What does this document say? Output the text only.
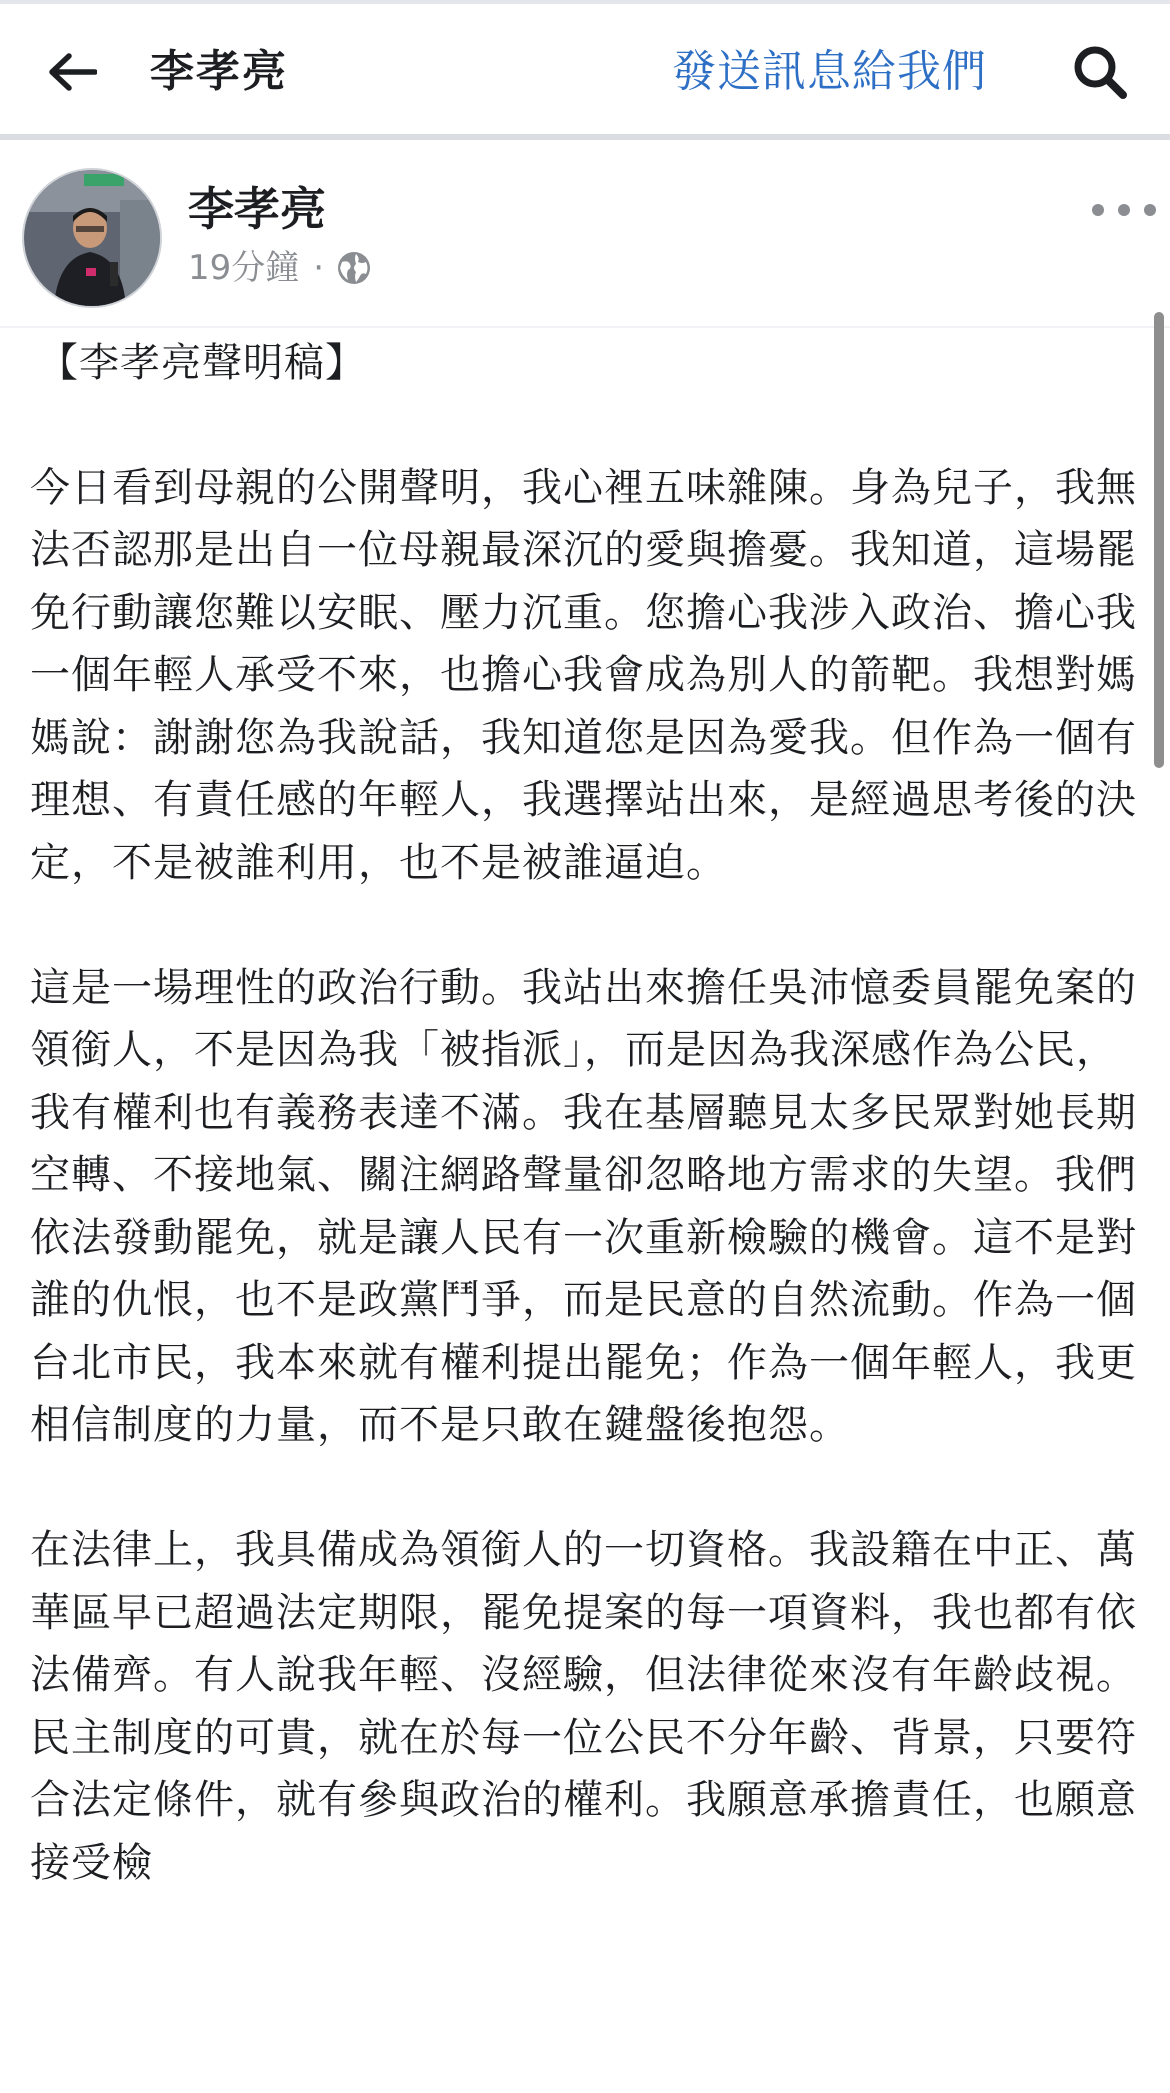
李孝亮	發送訊息給我們
李孝亮
19分鐘 ·

【李孝亮聲明稿】

今日看到母親的公開聲明，我心裡五味雜陳。身為兒子，我無法否認那是出自一位母親最深沉的愛與擔憂。我知道，這場罷免行動讓您難以安眠、壓力沉重。您擔心我涉入政治、擔心我一個年輕人承受不來，也擔心我會成為別人的箭靶。我想對媽媽說：謝謝您為我說話，我知道您是因為愛我。但作為一個有理想、有責任感的年輕人，我選擇站出來，是經過思考後的決定，不是被誰利用，也不是被誰逼迫。

這是一場理性的政治行動。我站出來擔任吳沛憶委員罷免案的領銜人，不是因為我「被指派」，而是因為我深感作為公民，我有權利也有義務表達不滿。我在基層聽見太多民眾對她長期空轉、不接地氣、關注網路聲量卻忽略地方需求的失望。我們依法發動罷免，就是讓人民有一次重新檢驗的機會。這不是對誰的仇恨，也不是政黨鬥爭，而是民意的自然流動。作為一個台北市民，我本來就有權利提出罷免；作為一個年輕人，我更相信制度的力量，而不是只敢在鍵盤後抱怨。

在法律上，我具備成為領銜人的一切資格。我設籍在中正、萬華區早已超過法定期限，罷免提案的每一項資料，我也都有依法備齊。有人說我年輕、沒經驗，但法律從來沒有年齡歧視。民主制度的可貴，就在於每一位公民不分年齡、背景，只要符合法定條件，就有參與政治的權利。我願意承擔責任，也願意接受檢
